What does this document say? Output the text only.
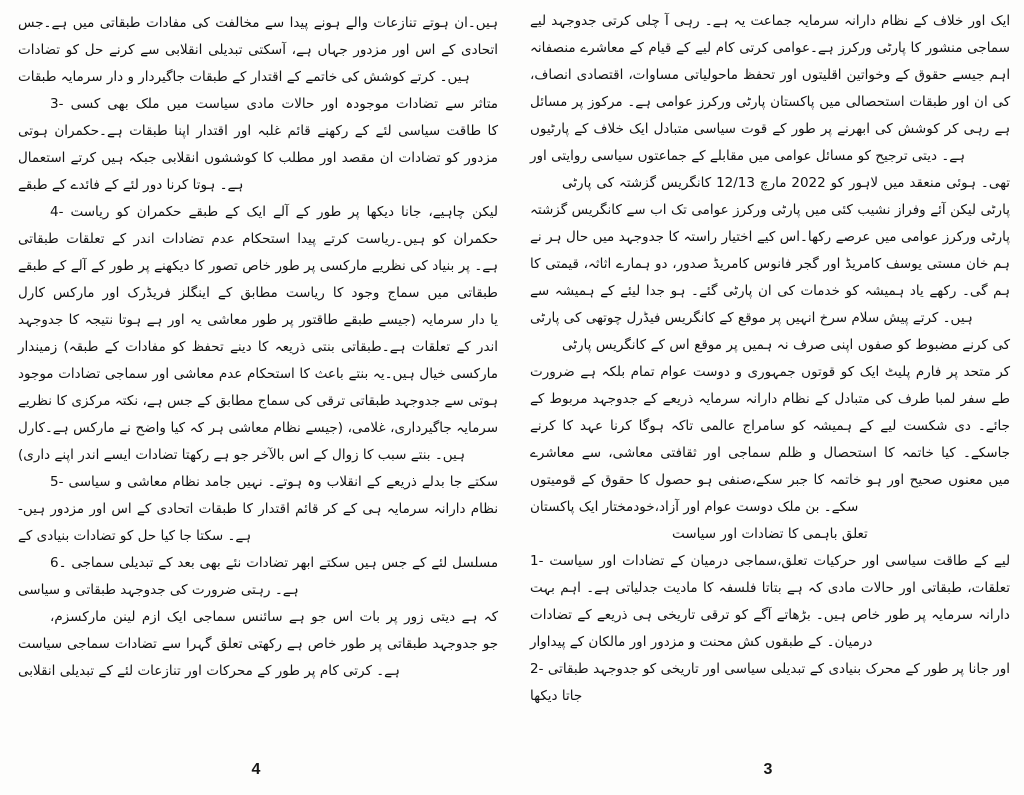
ہے۔جس میں طبقاتی مفادات کی مخالفت سے پیدا ہونے والے تنازعات ہوتے ہیں۔ان تضادات کو حل کرنے سے انقلابی تبدیلی آسکتی ہے، جہاں مزدور اور اس کے اتحادی طبقات سرمایہ دار و جاگیردار طبقات کے اقتدار کے خاتمے کی کوشش کرتے ہیں۔
3- کسی بھی ملک میں سیاست مادی حالات اور موجودہ تضادات سے متاثر ہوتی ہے۔حکمران طبقات اپنا اقتدار اور غلبہ قائم رکھنے کے لئے سیاسی طاقت کا استعمال کرتے ہیں جبکہ انقلابی کوششوں کا مطلب اور مقصد ان تضادات کو مزدور طبقے کے فائدے کے لئے دور کرنا ہوتا ہے۔
4- ریاست کو حکمران طبقے کے ایک آلے کے طور پر دیکھا جانا چاہیے، لیکن طبقاتی تعلقات کے اندر تضادات عدم استحکام پیدا کرتے ہیں۔ریاست کو حکمران طبقے کے آلے کے طور پر دیکھنے کا تصور خاص طور پر مارکسی نظریے کی بنیاد پر ہے۔کارل مارکس اور فریڈرک اینگلز کے مطابق ریاست کا وجود سماج میں طبقاتی جدوجہد کا نتیجہ ہوتا ہے اور یہ معاشی طور پر طاقتور طبقے (جیسے سرمایہ دار یا زمیندار طبقہ) کے مفادات کو تحفظ دینے کا ذریعہ بنتی ہے۔طبقاتی تعلقات کے اندر موجود تضادات سماجی اور معاشی عدم استحکام کا باعث بنتے ہیں۔یہ خیال مارکسی نظریے کا مرکزی نکتہ ہے، جس کے مطابق سماج کی ترقی طبقاتی جدوجہد سے ہوتی ہے۔کارل مارکس نے واضح کیا کہ ہر معاشی نظام (جیسے غلامی، جاگیرداری، سرمایہ داری) اپنے اندر ایسے تضادات رکھتا ہے جو بالآخر اس کے زوال کا سبب بنتے ہیں۔
5- سیاسی و معاشی نظام جامد نہیں ہوتے۔ وہ انقلاب کے ذریعے بدلے جا سکتے ہیں- مزدور اور اس کے اتحادی طبقات کا اقتدار قائم کر کے ہی سرمایہ دارانہ نظام کے بنیادی تضادات کو حل کیا جا سکتا ہے۔
6۔ سماجی تبدیلی کے بعد بھی نئے تضادات ابھر سکتے ہیں جس کے لئے مسلسل سیاسی و طبقاتی جدوجہد کی ضرورت رہتی ہے۔
مارکسزم، لینن ازم ایک سماجی سائنس ہے جو اس بات پر زور دیتی ہے کہ سیاست سماجی تضادات سے گہرا تعلق رکھتی ہے خاص طور پر طبقاتی جدوجہد جو انقلابی تبدیلی کے لئے تنازعات اور محرکات کے طور پر کام کرتی ہے۔
4
لیے جدوجہد کرتی چلی آ رہی ہے۔ یہ جماعت سرمایہ دارانہ نظام کے خلاف اور ایک منصفانہ معاشرے کے قیام کے لیے کام کرتی ہے۔عوامی ورکرز پارٹی کا منشور سماجی انصاف، اقتصادی مساوات، ماحولیاتی تحفظ اور اقلیتوں وخواتین کے حقوق جیسے اہم مسائل پر مرکوز ہے۔ عوامی ورکرز پارٹی پاکستان میں استحصالی طبقات اور ان کی پارٹیوں کے خلاف ایک متبادل سیاسی قوت کے طور پر ابھرنے کی کوشش کر رہی ہے اور روایتی سیاسی جماعتوں کے مقابلے میں عوامی مسائل کو ترجیح دیتی ہے۔
پارٹی کی گزشتہ کانگریس 12/13 مارچ 2022 کو لاہور میں منعقد ہوئی تھی۔گزشتہ کانگریس سے اب تک عوامی ورکرز پارٹی میں کئی نشیب وفراز آئے لیکن پارٹی نے ہر حال میں جدوجہد کا راستہ اختیار کیے رکھا۔اس عرصے میں عوامی ورکرز پارٹی کا قیمتی اثاثہ، ہمارے دو صدور، کامریڈ فانوس گجر اور کامریڈ یوسف مستی خان ہم سے ہمیشہ کے لیئے جدا ہو گئے۔ پارٹی ان کی خدمات کو ہمیشہ یاد رکھے گی۔ ہم پارٹی کی چوتھی فیڈرل کانگریس کے موقع پر انہیں سرخ سلام پیش کرتے ہیں۔
پارٹی کانگریس کے اس موقع پر ہمیں نہ صرف اپنی صفوں کو مضبوط کرنے کی ضرورت ہے بلکہ تمام عوام دوست و جمہوری قوتوں کو ایک پلیٹ فارم پر متحد کر کے مربوط جدوجہد کے ذریعے سرمایہ دارانہ نظام کے متبادل کی طرف لمبا سفر طے کرنے کا عہد کرنا ہوگا تاکہ عالمی سامراج کو ہمیشہ کے لیے شکست دی جائے۔ معاشرے سے معاشی، ثقافتی اور سماجی ظلم و استحصال کا خاتمہ کیا جاسکے۔قومیتوں کے حقوق کا حصول ہو سکے،صنفی جبر کا خاتمہ ہو اور صحیح معنوں میں پاکستان ایک آزاد،خودمختار اور عوام دوست ملک بن سکے۔
سیاست اور تضادات کا باہمی تعلق
1- سیاست اور تضادات کے درمیان تعلق،سماجی حرکیات اور سیاسی طاقت کے لیے بہت اہم ہے۔ جدلیاتی مادیت کا فلسفہ بتاتا ہے کہ مادی حالات اور طبقاتی تعلقات، تضادات کے ذریعے ہی تاریخی ترقی کو آگے بڑھاتے ہیں۔ خاص طور پر سرمایہ دارانہ پیداوار کے مالکان اور مزدور و محنت کش طبقوں کے درمیان۔
2- طبقاتی جدوجہد کو تاریخی اور سیاسی تبدیلی کے بنیادی محرک کے طور پر جانا اور دیکھا جاتا
3
